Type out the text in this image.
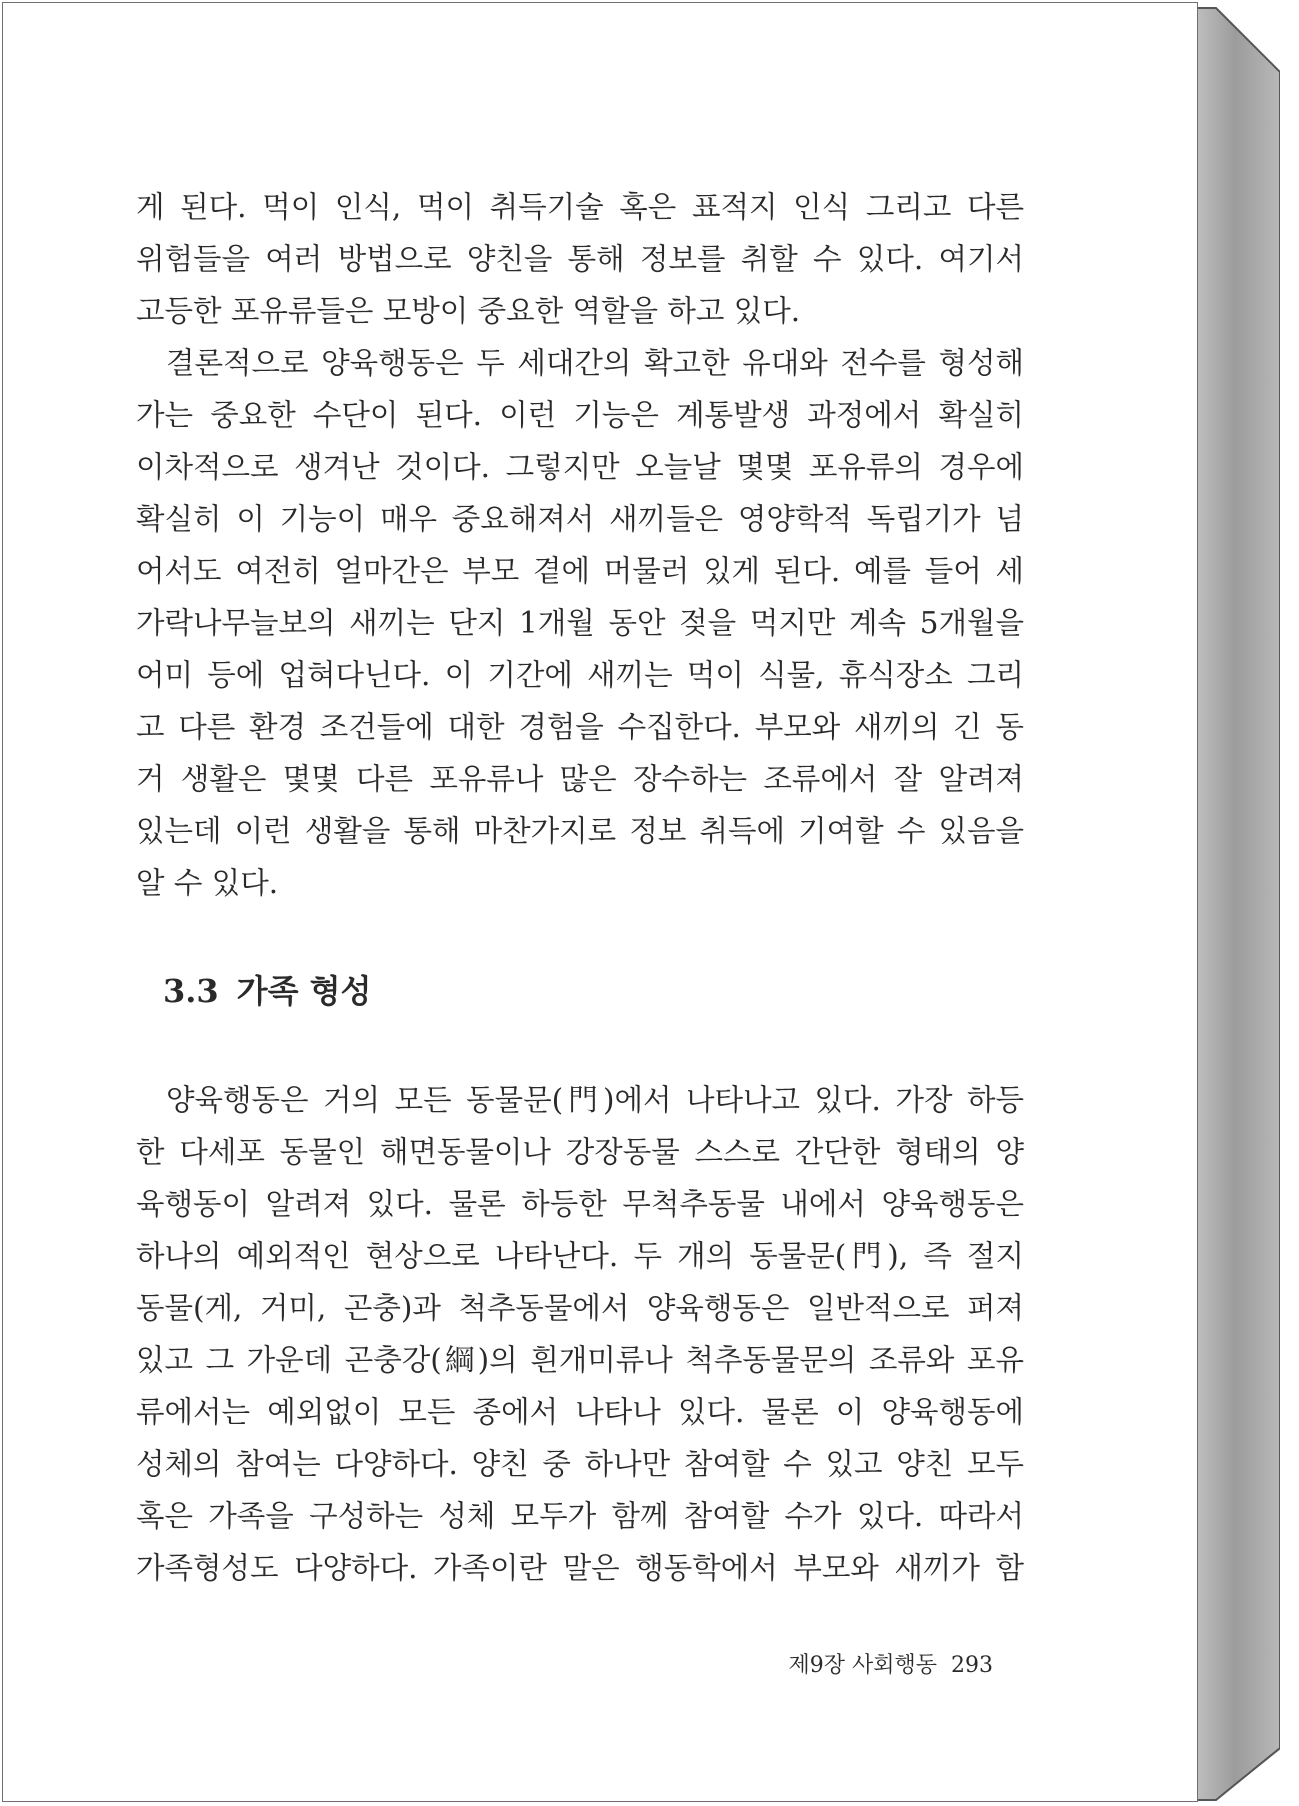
게 된다. 먹이 인식, 먹이 취득기술 혹은 표적지 인식 그리고 다른
위험들을 여러 방법으로 양친을 통해 정보를 취할 수 있다. 여기서
고등한 포유류들은 모방이 중요한 역할을 하고 있다.
결론적으로 양육행동은 두 세대간의 확고한 유대와 전수를 형성해
가는 중요한 수단이 된다. 이런 기능은 계통발생 과정에서 확실히
이차적으로 생겨난 것이다. 그렇지만 오늘날 몇몇 포유류의 경우에
확실히 이 기능이 매우 중요해져서 새끼들은 영양학적 독립기가 넘
어서도 여전히 얼마간은 부모 곁에 머물러 있게 된다. 예를 들어 세
가락나무늘보의 새끼는 단지 1개월 동안 젖을 먹지만 계속 5개월을
어미 등에 업혀다닌다. 이 기간에 새끼는 먹이 식물, 휴식장소 그리
고 다른 환경 조건들에 대한 경험을 수집한다. 부모와 새끼의 긴 동
거 생활은 몇몇 다른 포유류나 많은 장수하는 조류에서 잘 알려져
있는데 이런 생활을 통해 마찬가지로 정보 취득에 기여할 수 있음을
알 수 있다.
3.3 가족 형성
양육행동은 거의 모든 동물문(門)에서 나타나고 있다. 가장 하등
한 다세포 동물인 해면동물이나 강장동물 스스로 간단한 형태의 양
육행동이 알려져 있다. 물론 하등한 무척추동물 내에서 양육행동은
하나의 예외적인 현상으로 나타난다. 두 개의 동물문(門), 즉 절지
동물(게, 거미, 곤충)과 척추동물에서 양육행동은 일반적으로 퍼져
있고 그 가운데 곤충강(綱)의 흰개미류나 척추동물문의 조류와 포유
류에서는 예외없이 모든 종에서 나타나 있다. 물론 이 양육행동에
성체의 참여는 다양하다. 양친 중 하나만 참여할 수 있고 양친 모두
혹은 가족을 구성하는 성체 모두가 함께 참여할 수가 있다. 따라서
가족형성도 다양하다. 가족이란 말은 행동학에서 부모와 새끼가 함
제9장 사회행동 293
